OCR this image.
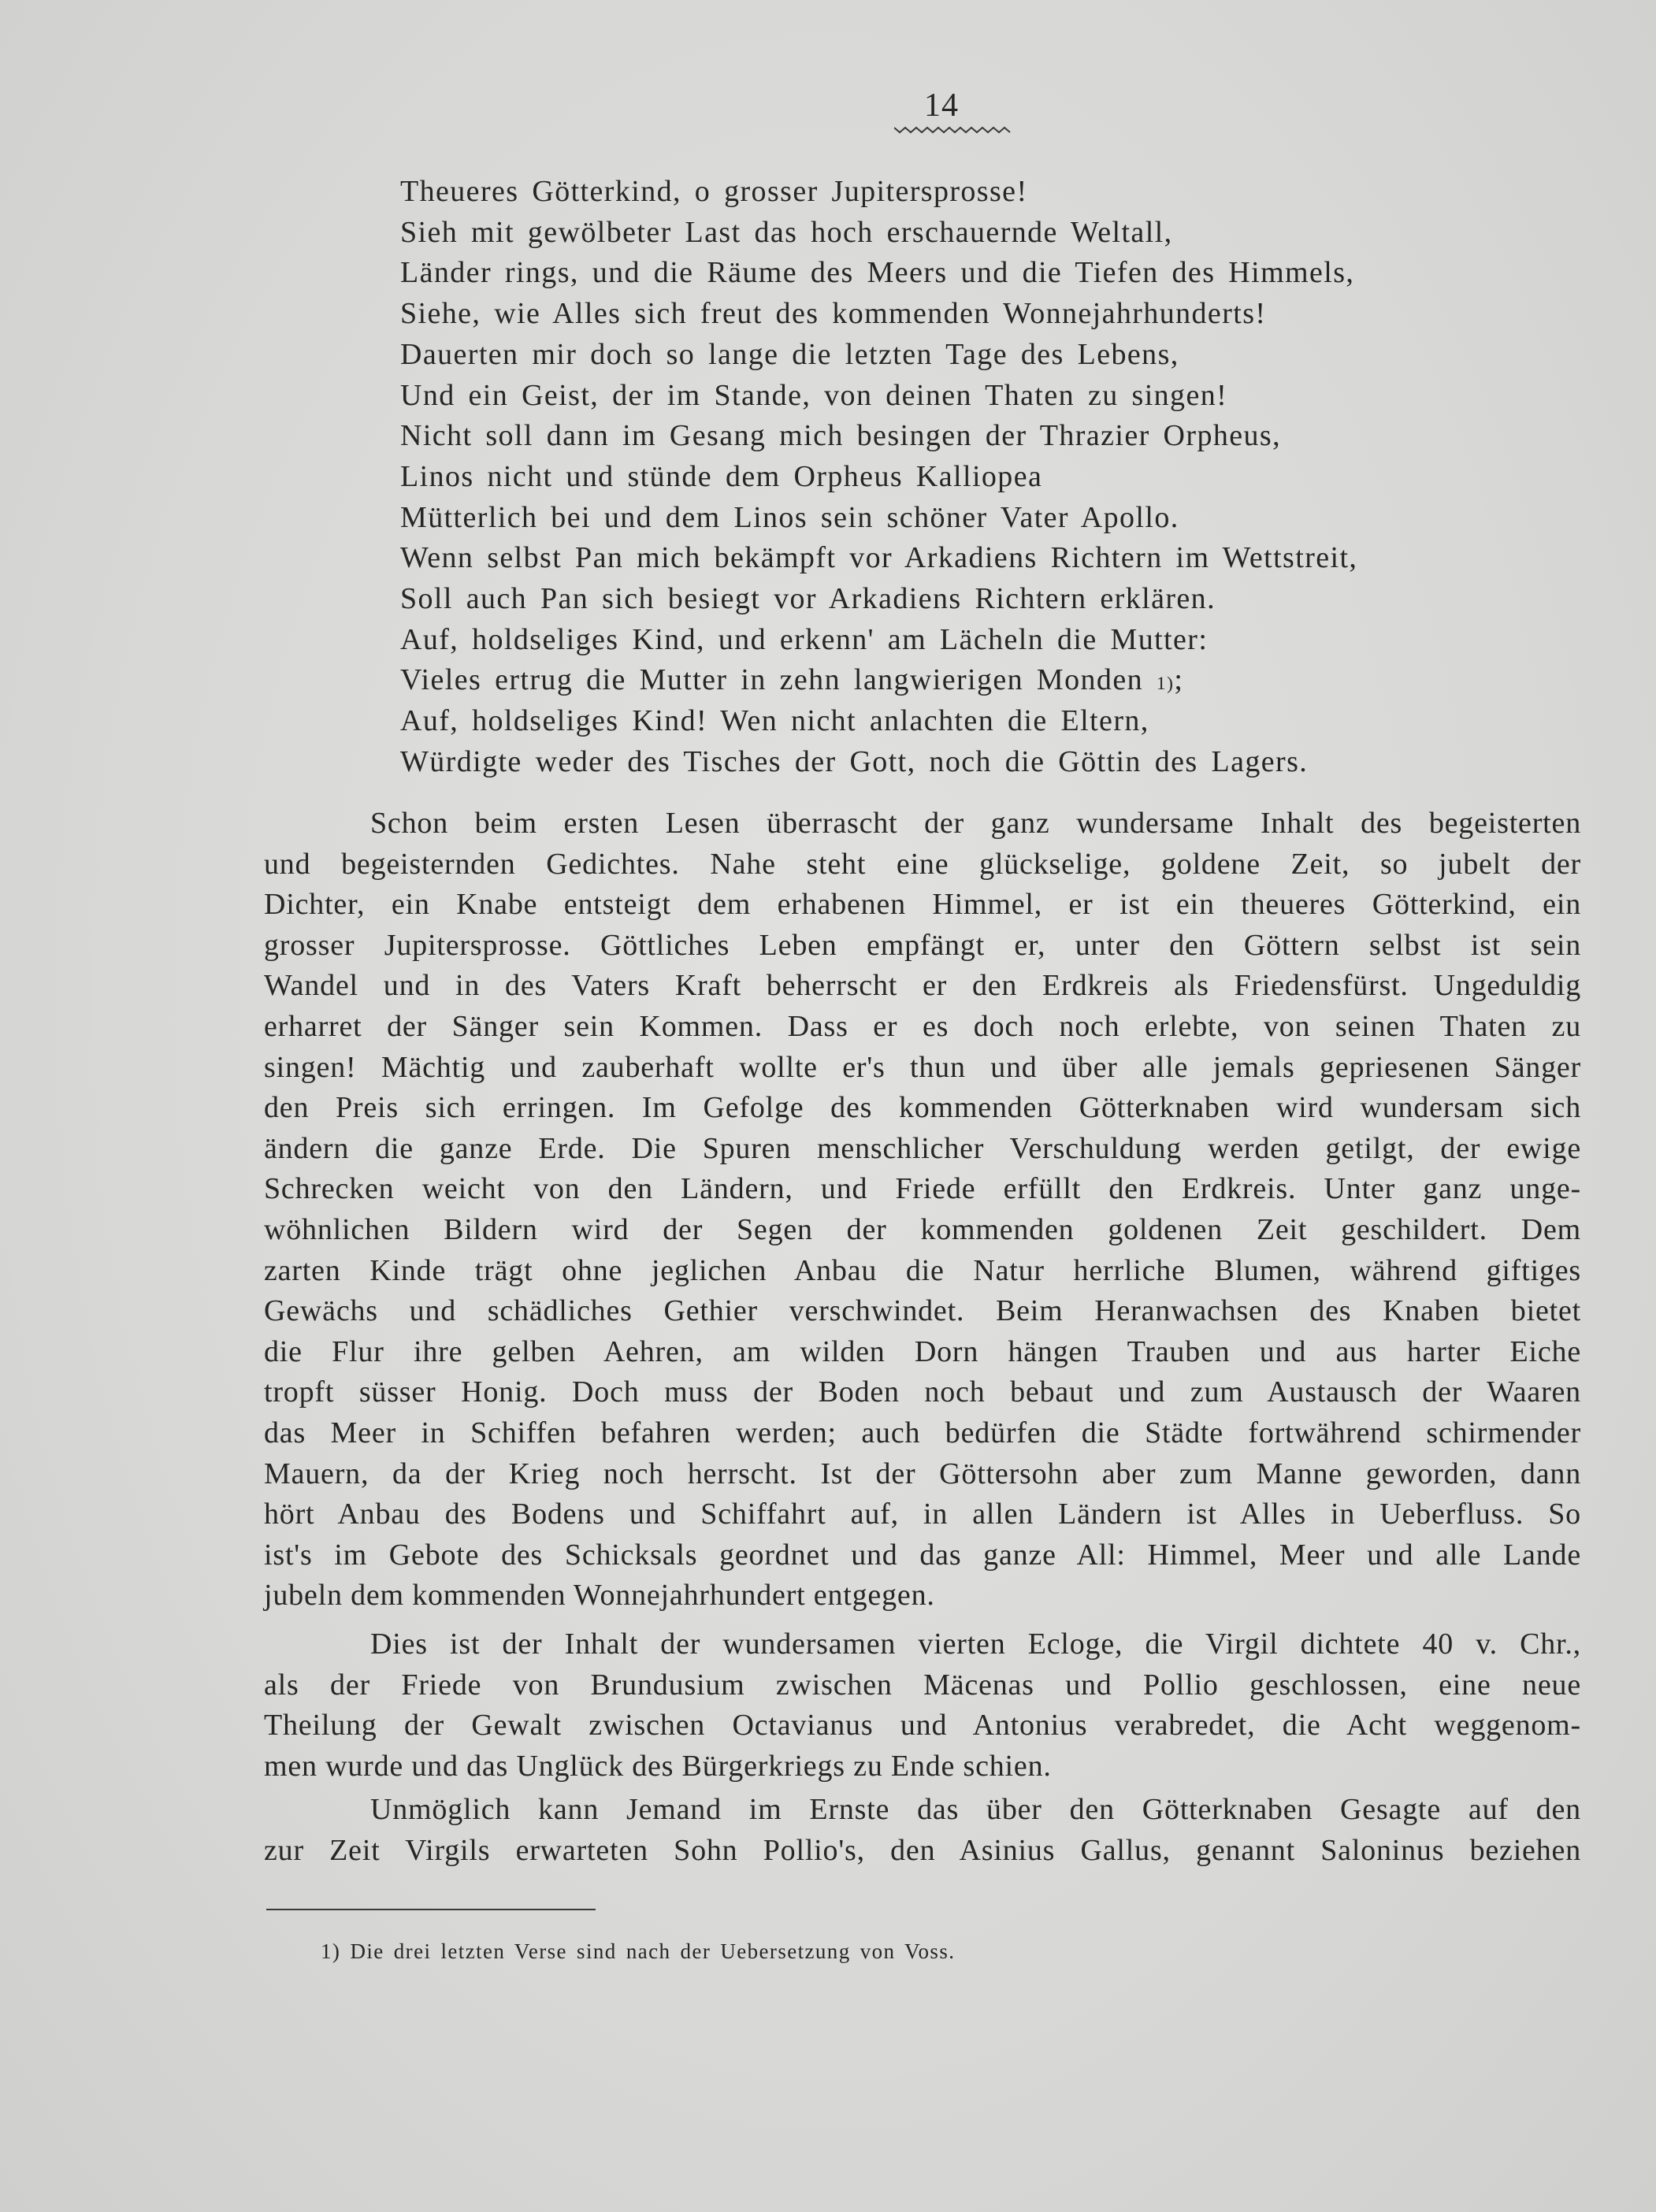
14
Theueres Götterkind, o grosser Jupitersprosse!
Sieh mit gewölbeter Last das hoch erschauernde Weltall,
Länder rings, und die Räume des Meers und die Tiefen des Himmels,
Siehe, wie Alles sich freut des kommenden Wonnejahrhunderts!
Dauerten mir doch so lange die letzten Tage des Lebens,
Und ein Geist, der im Stande, von deinen Thaten zu singen!
Nicht soll dann im Gesang mich besingen der Thrazier Orpheus,
Linos nicht und stünde dem Orpheus Kalliopea
Mütterlich bei und dem Linos sein schöner Vater Apollo.
Wenn selbst Pan mich bekämpft vor Arkadiens Richtern im Wettstreit,
Soll auch Pan sich besiegt vor Arkadiens Richtern erklären.
Auf, holdseliges Kind, und erkenn' am Lächeln die Mutter:
Vieles ertrug die Mutter in zehn langwierigen Monden $^{1)}$;
Auf, holdseliges Kind! Wen nicht anlachten die Eltern,
Würdigte weder des Tisches der Gott, noch die Göttin des Lagers.
Schon beim ersten Lesen überrascht der ganz wundersame Inhalt des begeisterten
und begeisternden Gedichtes. Nahe steht eine glückselige, goldene Zeit, so jubelt der
Dichter, ein Knabe entsteigt dem erhabenen Himmel, er ist ein theueres Götterkind, ein
grosser Jupitersprosse. Göttliches Leben empfängt er, unter den Göttern selbst ist sein
Wandel und in des Vaters Kraft beherrscht er den Erdkreis als Friedensfürst. Ungeduldig
erharret der Sänger sein Kommen. Dass er es doch noch erlebte, von seinen Thaten zu
singen! Mächtig und zauberhaft wollte er's thun und über alle jemals gepriesenen Sänger
den Preis sich erringen. Im Gefolge des kommenden Götterknaben wird wundersam sich
ändern die ganze Erde. Die Spuren menschlicher Verschuldung werden getilgt, der ewige
Schrecken weicht von den Ländern, und Friede erfüllt den Erdkreis. Unter ganz unge-
wöhnlichen Bildern wird der Segen der kommenden goldenen Zeit geschildert. Dem
zarten Kinde trägt ohne jeglichen Anbau die Natur herrliche Blumen, während giftiges
Gewächs und schädliches Gethier verschwindet. Beim Heranwachsen des Knaben bietet
die Flur ihre gelben Aehren, am wilden Dorn hängen Trauben und aus harter Eiche
tropft süsser Honig. Doch muss der Boden noch bebaut und zum Austausch der Waaren
das Meer in Schiffen befahren werden; auch bedürfen die Städte fortwährend schirmender
Mauern, da der Krieg noch herrscht. Ist der Göttersohn aber zum Manne geworden, dann
hört Anbau des Bodens und Schiffahrt auf, in allen Ländern ist Alles in Ueberfluss. So
ist's im Gebote des Schicksals geordnet und das ganze All: Himmel, Meer und alle Lande
jubeln dem kommenden Wonnejahrhundert entgegen.
Dies ist der Inhalt der wundersamen vierten Ecloge, die Virgil dichtete 40 v. Chr.,
als der Friede von Brundusium zwischen Mäcenas und Pollio geschlossen, eine neue
Theilung der Gewalt zwischen Octavianus und Antonius verabredet, die Acht weggenom-
men wurde und das Unglück des Bürgerkriegs zu Ende schien.
Unmöglich kann Jemand im Ernste das über den Götterknaben Gesagte auf den
zur Zeit Virgils erwarteten Sohn Pollio's, den Asinius Gallus, genannt Saloninus beziehen
1) Die drei letzten Verse sind nach der Uebersetzung von Voss.
